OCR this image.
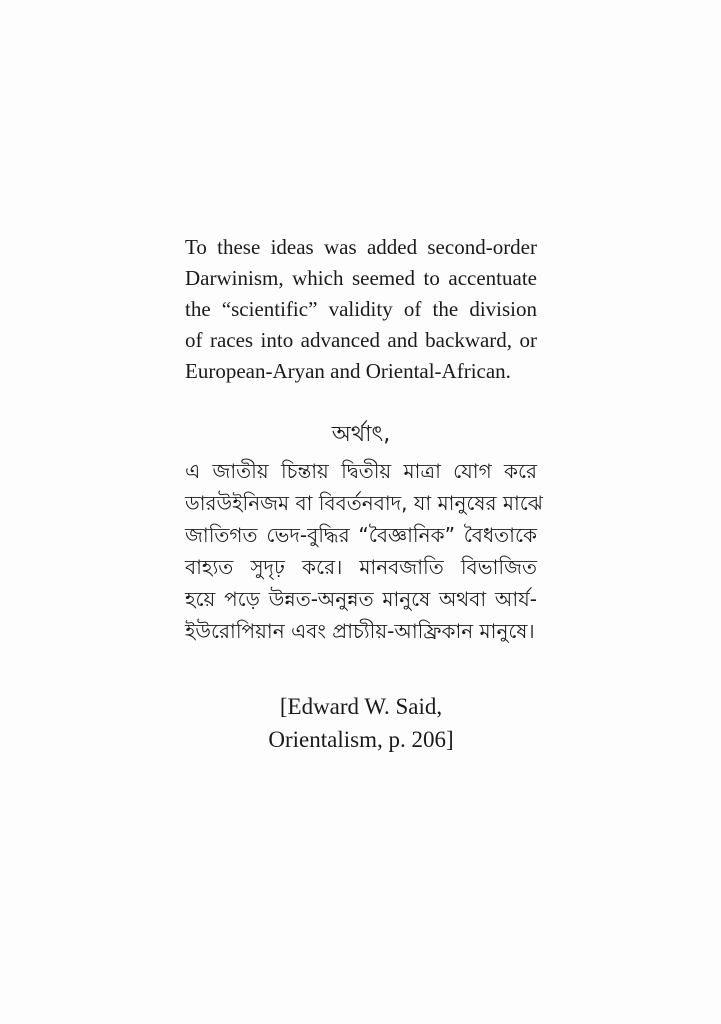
To these ideas was added second-order
Darwinism, which seemed to accentuate
the “scientific” validity of the division
of races into advanced and backward, or
European-Aryan and Oriental-African.

অর্থাৎ,

এ জাতীয় চিন্তায় দ্বিতীয় মাত্রা যোগ করে
ডারউইনিজম বা বিবর্তনবাদ, যা মানুষের মাঝে
জাতিগত ভেদ-বুদ্ধির “বৈজ্ঞানিক” বৈধতাকে
বাহ্যত সুদৃঢ় করে। মানবজাতি বিভাজিত
হয়ে পড়ে উন্নত-অনুন্নত মানুষে অথবা আর্য-
ইউরোপিয়ান এবং প্রাচ্যীয়-আফ্রিকান মানুষে।

[Edward W. Said,
Orientalism, p. 206]
